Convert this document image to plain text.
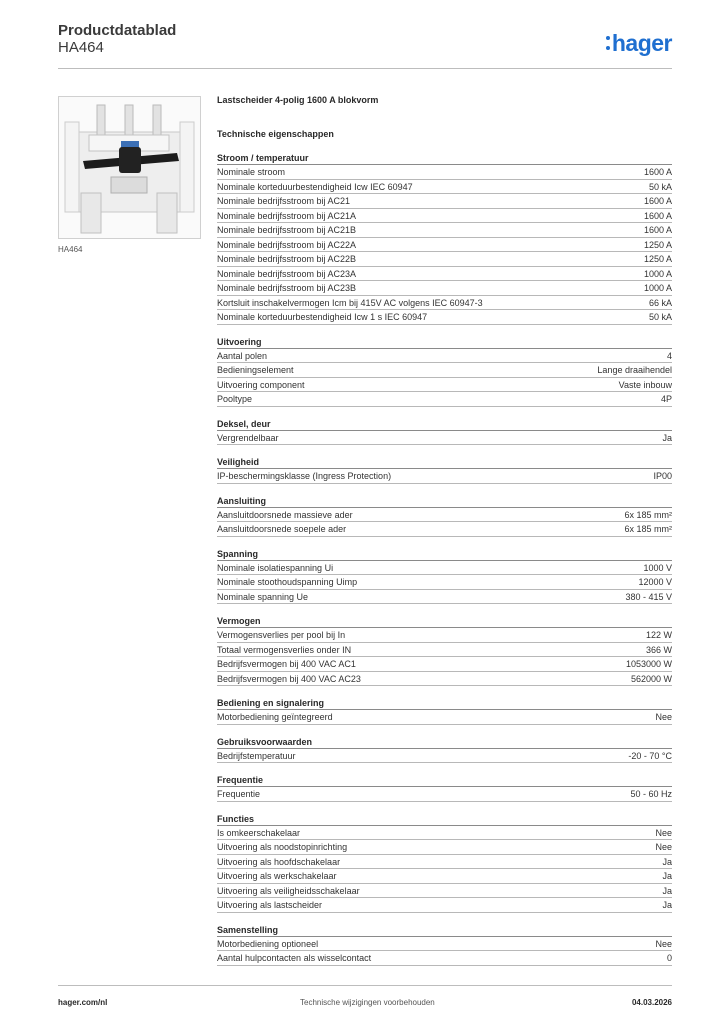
Productdatablad
HA464	hager
HA464
Lastscheider 4-polig 1600 A blokvorm
Technische eigenschappen
Stroom / temperatuur
Nominale stroom	1600 A
Nominale korteduurbestendigheid Icw IEC 60947	50 kA
Nominale bedrijfsstroom bij AC21	1600 A
Nominale bedrijfsstroom bij AC21A	1600 A
Nominale bedrijfsstroom bij AC21B	1600 A
Nominale bedrijfsstroom bij AC22A	1250 A
Nominale bedrijfsstroom bij AC22B	1250 A
Nominale bedrijfsstroom bij AC23A	1000 A
Nominale bedrijfsstroom bij AC23B	1000 A
Kortsluit inschakelvermogen Icm bij 415V AC volgens IEC 60947-3	66 kA
Nominale korteduurbestendigheid Icw 1 s IEC 60947	50 kA
Uitvoering
Aantal polen	4
Bedieningselement	Lange draaihendel
Uitvoering component	Vaste inbouw
Pooltype	4P
Deksel, deur
Vergrendelbaar	Ja
Veiligheid
IP-beschermingsklasse (Ingress Protection)	IP00
Aansluiting
Aansluitdoorsnede massieve ader	6x 185 mm²
Aansluitdoorsnede soepele ader	6x 185 mm²
Spanning
Nominale isolatiespanning Ui	1000 V
Nominale stoothoudspanning Uimp	12000 V
Nominale spanning Ue	380 - 415 V
Vermogen
Vermogensverlies per pool bij In	122 W
Totaal vermogensverlies onder IN	366 W
Bedrijfsvermogen bij 400 VAC AC1	1053000 W
Bedrijfsvermogen bij 400 VAC AC23	562000 W
Bediening en signalering
Motorbediening geïntegreerd	Nee
Gebruiksvoorwaarden
Bedrijfstemperatuur	-20 - 70 °C
Frequentie
Frequentie	50 - 60 Hz
Functies
Is omkeerschakelaar	Nee
Uitvoering als noodstopinrichting	Nee
Uitvoering als hoofdschakelaar	Ja
Uitvoering als werkschakelaar	Ja
Uitvoering als veiligheidsschakelaar	Ja
Uitvoering als lastscheider	Ja
Samenstelling
Motorbediening optioneel	Nee
Aantal hulpcontacten als wisselcontact	0
hager.com/nl	Technische wijzigingen voorbehouden	04.03.2026
